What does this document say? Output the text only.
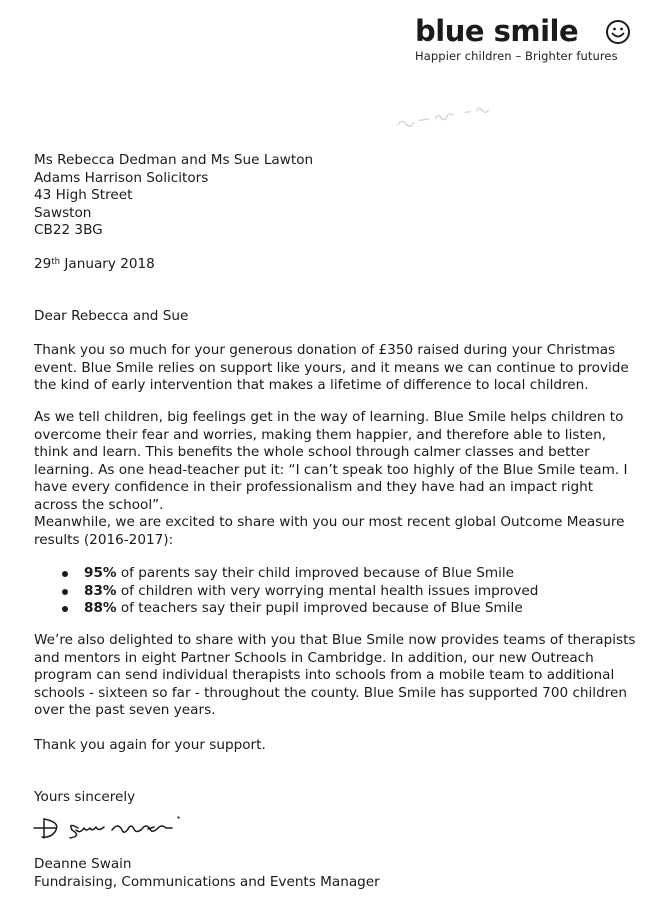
blue smile
Happier children – Brighter futures
Ms Rebecca Dedman and Ms Sue Lawton
Adams Harrison Solicitors
43 High Street
Sawston
CB22 3BG
29th January 2018

Dear Rebecca and Sue

Thank you so much for your generous donation of £350 raised during your Christmas event. Blue Smile relies on support like yours, and it means we can continue to provide the kind of early intervention that makes a lifetime of difference to local children.

As we tell children, big feelings get in the way of learning. Blue Smile helps children to overcome their fear and worries, making them happier, and therefore able to listen, think and learn. This benefits the whole school through calmer classes and better learning. As one head-teacher put it: “I can’t speak too highly of the Blue Smile team. I have every confidence in their professionalism and they have had an impact right across the school”.

Meanwhile, we are excited to share with you our most recent global Outcome Measure results (2016-2017):

95% of parents say their child improved because of Blue Smile
83% of children with very worrying mental health issues improved
88% of teachers say their pupil improved because of Blue Smile

We’re also delighted to share with you that Blue Smile now provides teams of therapists and mentors in eight Partner Schools in Cambridge. In addition, our new Outreach program can send individual therapists into schools from a mobile team to additional schools - sixteen so far - throughout the county. Blue Smile has supported 700 children over the past seven years.

Thank you again for your support.

Yours sincerely

Deanne Swain
Fundraising, Communications and Events Manager
